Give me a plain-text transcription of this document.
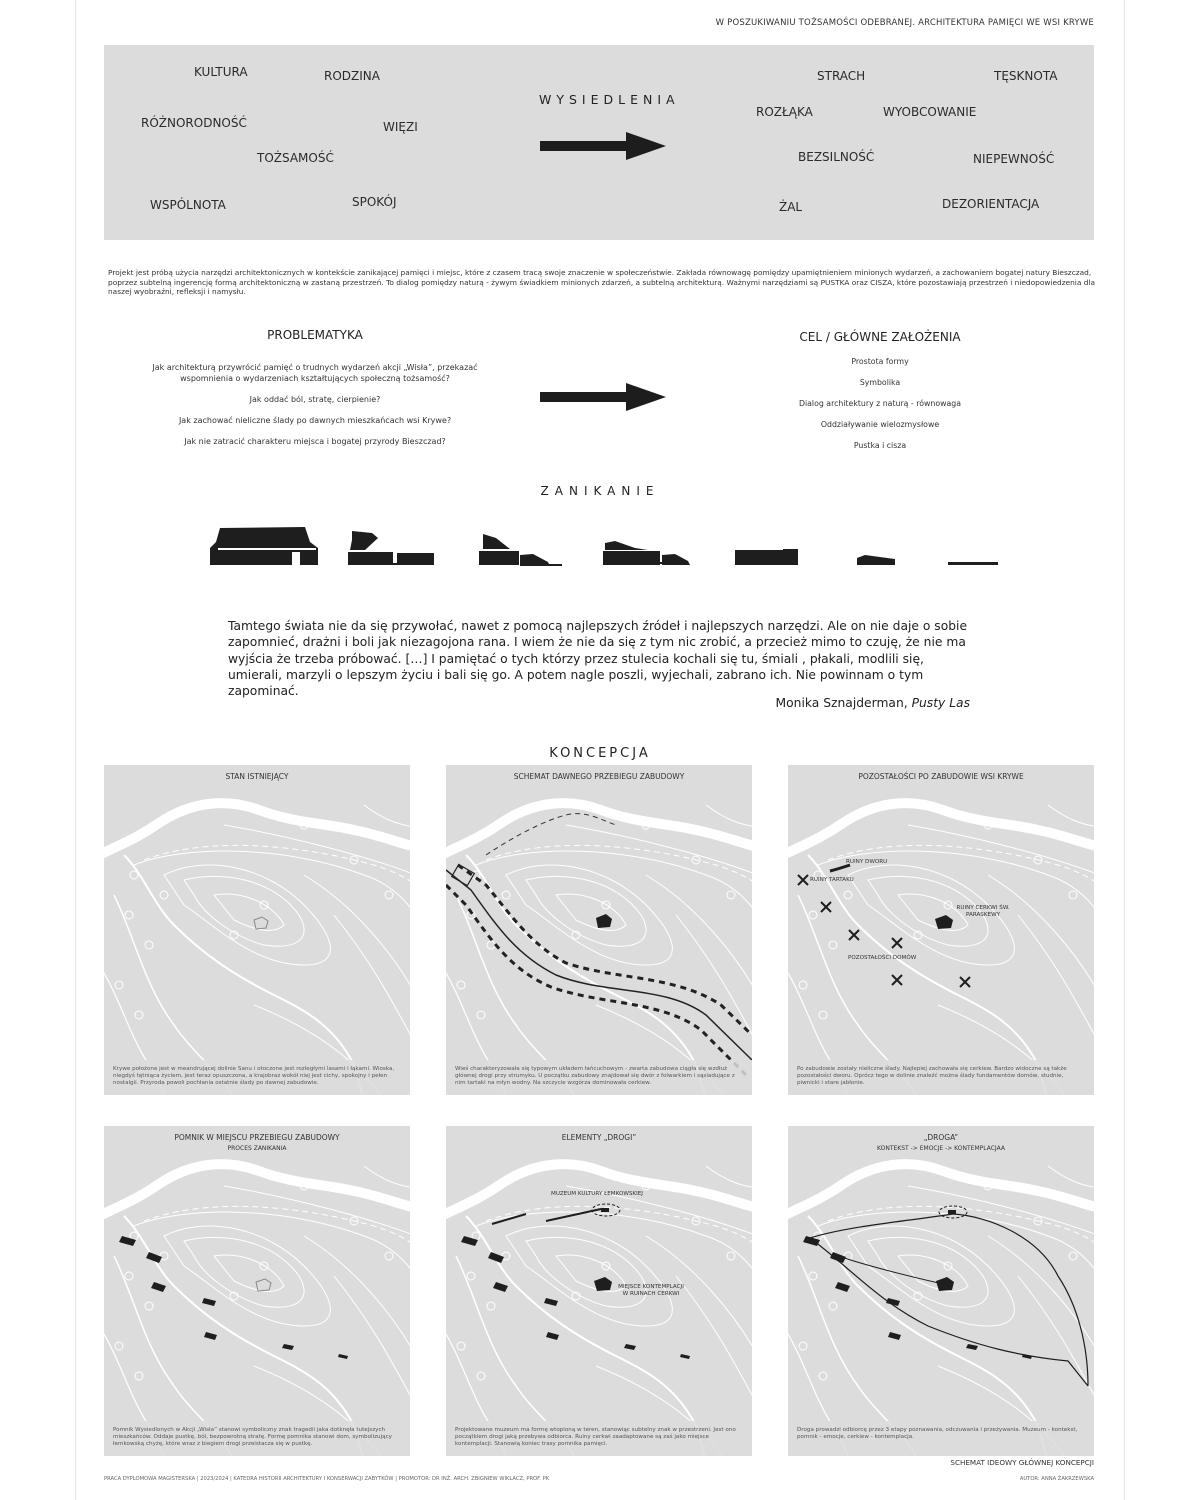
W POSZUKIWANIU TOŻSAMOŚCI ODEBRANEJ. ARCHITEKTURA PAMIĘCI WE WSI KRYWE
KULTURA	RODZINA
RÓŻNORODNOŚĆ	WIĘZI
TOŻSAMOŚĆ
WSPÓLNOTA	SPOKÓJ
WYSIEDLENIA
STRACH	TĘSKNOTA
ROZŁĄKA	WYOBCOWANIE
BEZSILNOŚĆ	NIEPEWNOŚĆ
ŻAL	DEZORIENTACJA
Projekt jest próbą użycia narzędzi architektonicznych w kontekście zanikającej pamięci i miejsc, które z czasem tracą swoje znaczenie w społeczeństwie. Zakłada równowagę pomiędzy upamiętnieniem minionych wydarzeń, a zachowaniem bogatej natury Bieszczad, poprzez subtelną ingerencję formą architektoniczną w zastaną przestrzeń. To dialog pomiędzy naturą - żywym świadkiem minionych zdarzeń, a subtelną architekturą. Ważnymi narzędziami są PUSTKA oraz CISZA, które pozostawiają przestrzeń i niedopowiedzenia dla naszej wyobraźni, refleksji i namysłu.
PROBLEMATYKA

Jak architekturą przywrócić pamięć o trudnych wydarzeń akcji „Wisła”, przekazać wspomnienia o wydarzeniach kształtujących społeczną tożsamość?

Jak oddać ból, stratę, cierpienie?

Jak zachować nieliczne ślady po dawnych mieszkańcach wsi Krywe?

Jak nie zatracić charakteru miejsca i bogatej przyrody Bieszczad?

CEL / GŁÓWNE ZAŁOŻENIA

Prostota formy

Symbolika

Dialog architektury z naturą - równowaga

Oddziaływanie wielozmysłowe

Pustka i cisza

ZANIKANIE
Tamtego świata nie da się przywołać, nawet z pomocą najlepszych źródeł i najlepszych narzędzi. Ale on nie daje o sobie zapomnieć, drażni i boli jak niezagojona rana. I wiem że nie da się z tym nic zrobić, a przecież mimo to czuję, że nie ma wyjścia że trzeba próbować. […] I pamiętać o tych którzy przez stulecia kochali się tu, śmiali , płakali, modlili się, umierali, marzyli o lepszym życiu i bali się go. A potem nagle poszli, wyjechali, zabrano ich. Nie powinnam o tym zapominać.
Monika Sznajderman, Pusty Las
KONCEPCJA
STAN ISTNIEJĄCY
Krywe położone jest w meandrującej dolinie Sanu i otoczone jest rozległymi lasami i łąkami. Wioska, niegdyś tętniąca życiem, jest teraz opuszczona, a krajobraz wokół niej jest cichy, spokojny i pełen nostalgii. Przyroda powoli pochłania ostatnie ślady po dawnej zabudowie.
SCHEMAT DAWNEGO PRZEBIEGU ZABUDOWY
Wieś charakteryzowała się typowym układem łańcuchowym - zwarta zabudowa ciągła się wzdłuż głównej drogi przy strumyku. U początku zabudowy znajdował się dwór z folwarkiem i sąsiadujące z nim tartaki na młyn wodny. Na szczycie wzgórza dominowała cerkiew.
POZOSTAŁOŚCI PO ZABUDOWIE WSI KRYWE
RUINY DWORU
RUINY TARTAKU
RUINY CERKWI ŚW. PARASKEWY
POZOSTAŁOŚCI DOMÓW
Po zabudowie zostały nieliczne ślady. Najlepiej zachowała się cerkiew. Bardzo widoczne są także pozostałości dworu. Oprócz tego w dolinie znaleźć można ślady fundamentów domów, studnie, piwnicki i stare jabłonie.
POMNIK W MIEJSCU PRZEBIEGU ZABUDOWY
PROCES ZANIKANIA
Pomnik Wysiedlonych w Akcji „Wisła” stanowi symboliczny znak tragedii jaka dotknęła tutejszych mieszkańców. Oddaje pustkę, ból, bezpowrotną stratę. Formę pomnika stanowi dom, symbolizujący łemkowską chyżę, które wraz z biegiem drogi przeistacza się w pustkę.
ELEMENTY „DROGI”
MUZEUM KULTURY ŁEMKOWSKIEJ
MIEJSCE KONTEMPLACJI W RUINACH CERKWI
Projektowane muzeum ma formę wtopioną w teren, stanowiąc subtelny znak w przestrzeni. Jest ono początkiem drogi jaką przebywa odbiorca. Ruiny cerkwi zaadaptowane są zaś jako miejsce kontemplacji. Stanowią koniec trasy pomnika pamięci.
„DROGA”
KONTEKST -> EMOCJE -> KONTEMPLACJAA
Droga prowadzi odbiorcę przez 3 etapy poznawania, odczuwania i przeżywania. Muzeum - kontekst, pomnik - emocje, cerkiew - kontemplacja.
SCHEMAT IDEOWY GŁÓWNEJ KONCEPCJI
PRACA DYPLOMOWA MAGISTERSKA | 2023/2024 | KATEDRA HISTORII ARCHITEKTURY I KONSERWACJI ZABYTKÓW | PROMOTOR: DR INŻ. ARCH. ZBIGNIEW WIKLACZ, PROF. PK	AUTOR: ANNA ŻAKRZEWSKA
